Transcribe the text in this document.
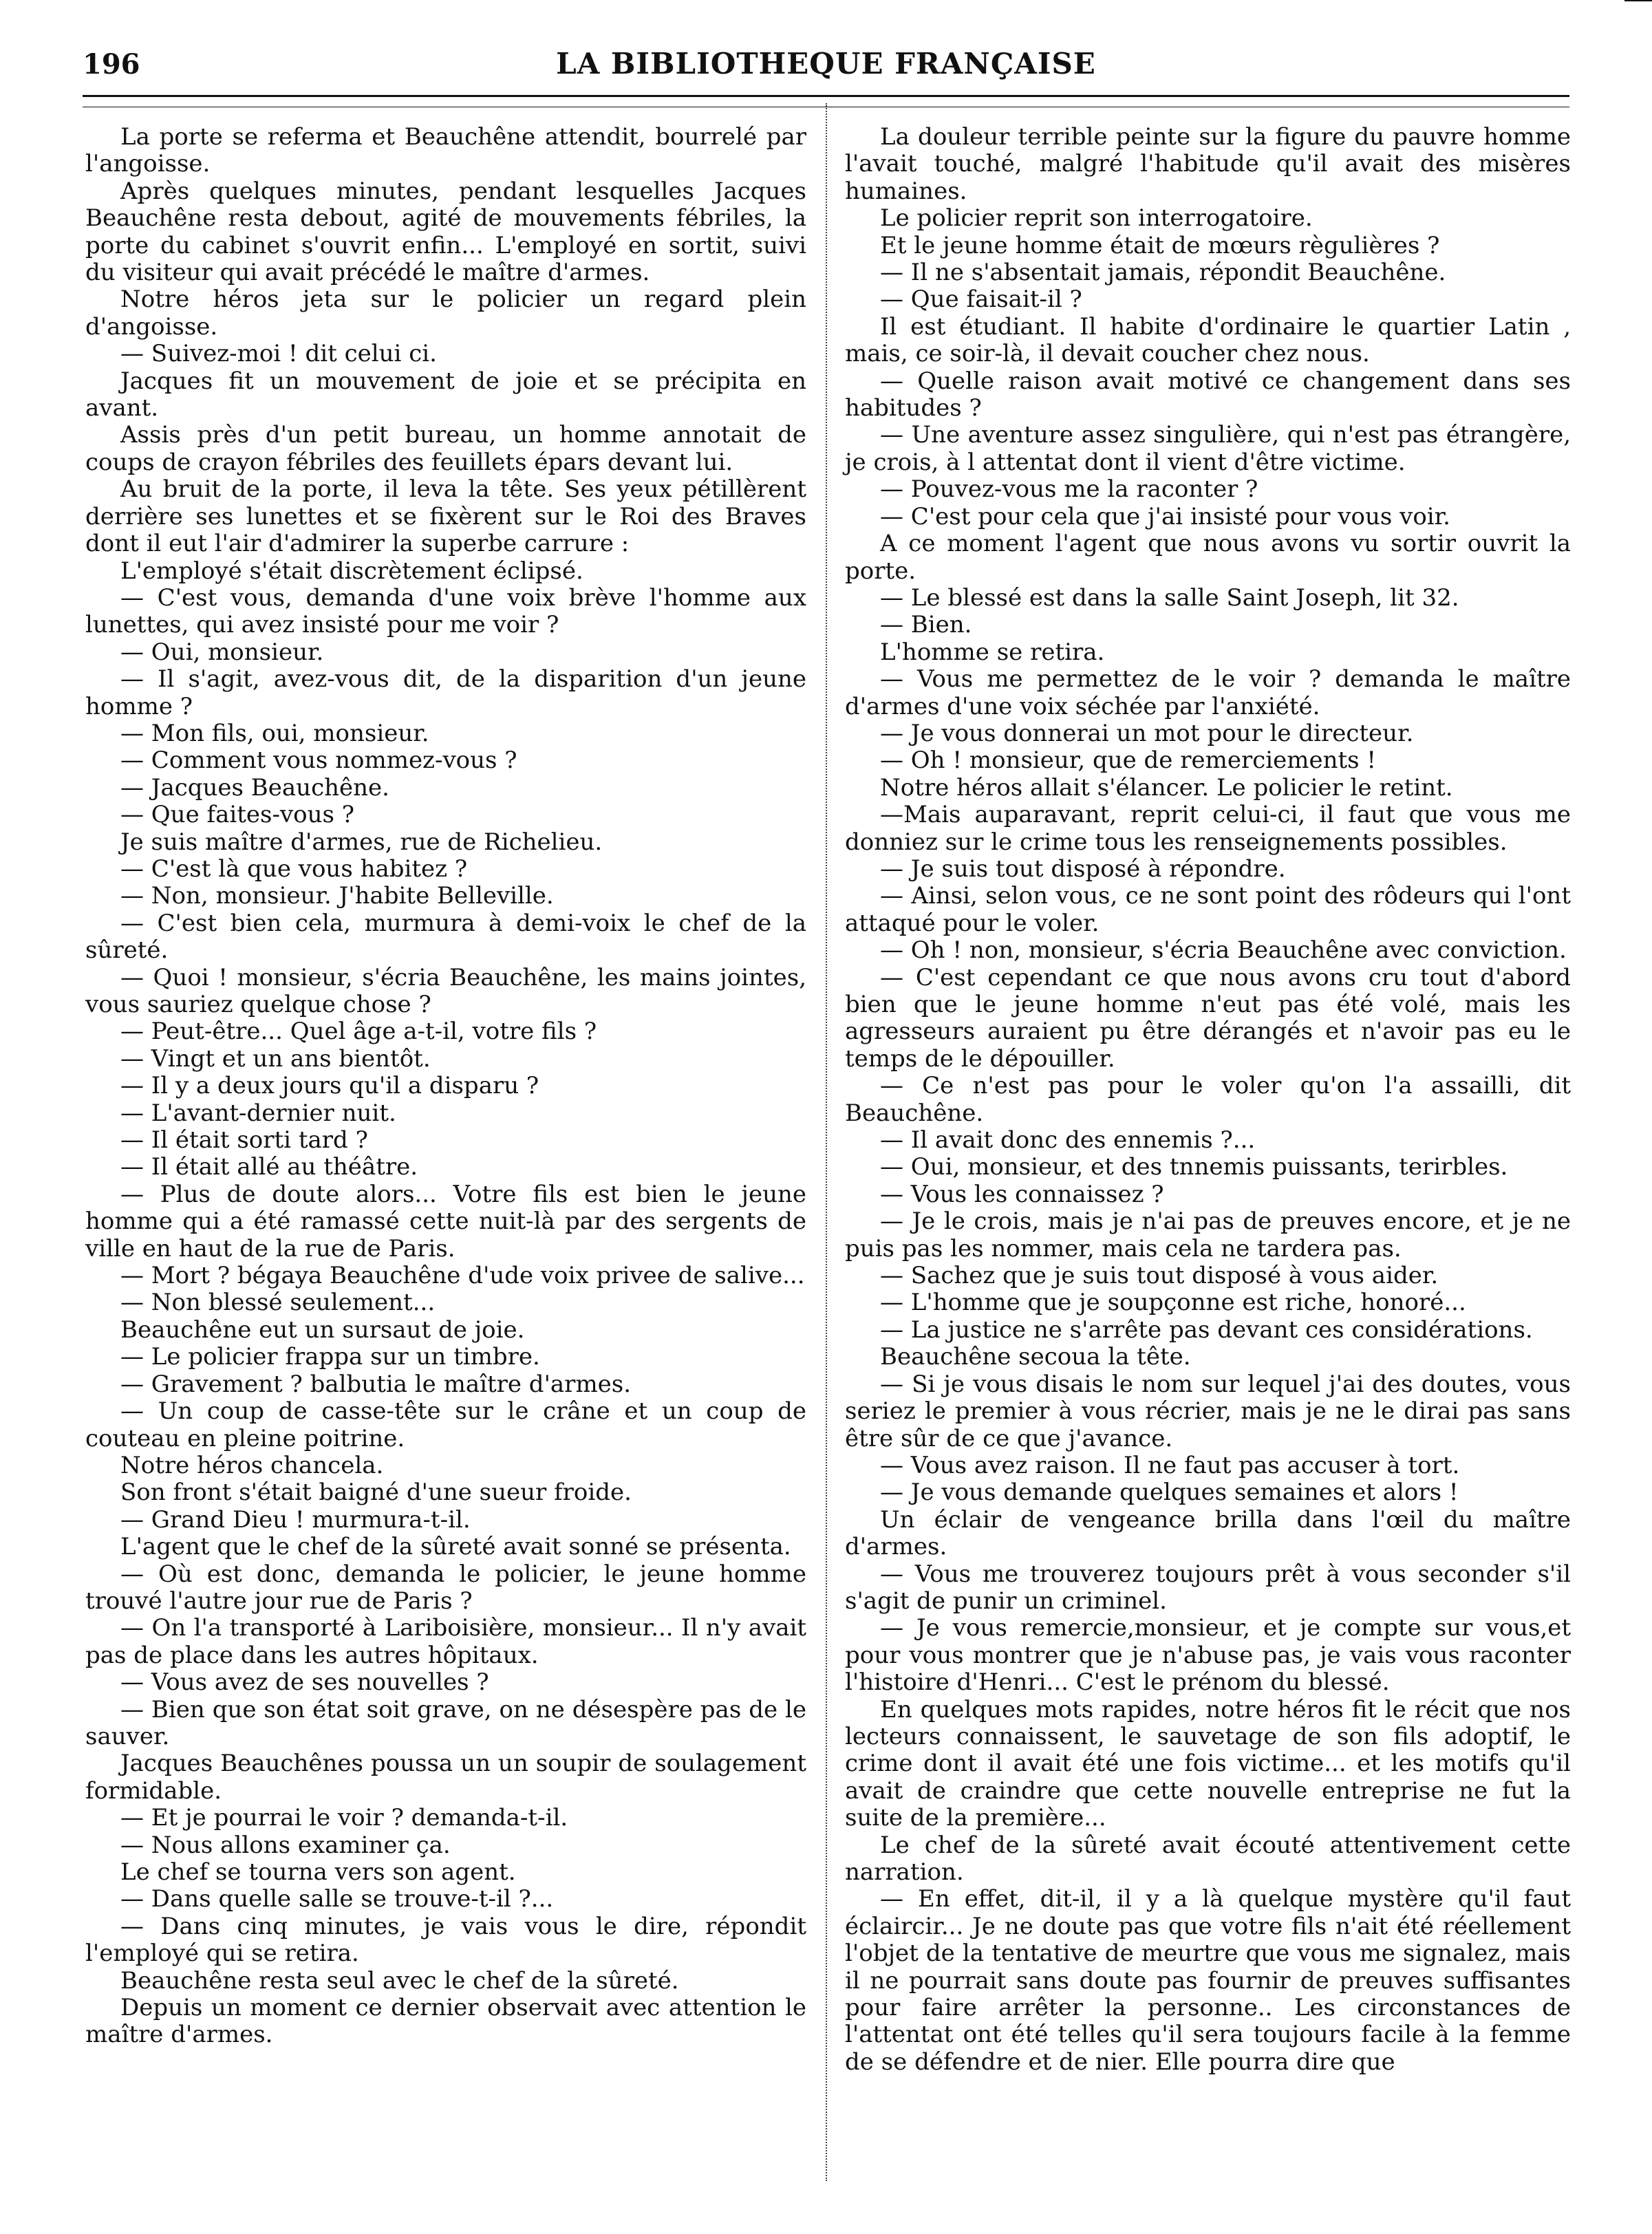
196	LA BIBLIOTHEQUE FRANÇAISE

La porte se referma et Beauchêne attendit, bourrelé par l'angoisse.

Après quelques minutes, pendant lesquelles Jacques Beauchêne resta debout, agité de mouvements fébriles, la porte du cabinet s'ouvrit enfin... L'employé en sortit, suivi du visiteur qui avait précédé le maître d'armes.

Notre héros jeta sur le policier un regard plein d'angoisse.

— Suivez-moi ! dit celui ci.

Jacques fit un mouvement de joie et se précipita en avant.

Assis près d'un petit bureau, un homme annotait de coups de crayon fébriles des feuillets épars devant lui.

Au bruit de la porte, il leva la tête. Ses yeux pétillèrent derrière ses lunettes et se fixèrent sur le Roi des Braves dont il eut l'air d'admirer la superbe carrure :

L'employé s'était discrètement éclipsé.

— C'est vous, demanda d'une voix brève l'homme aux lunettes, qui avez insisté pour me voir ?

— Oui, monsieur.

— Il s'agit, avez-vous dit, de la disparition d'un jeune homme ?

— Mon fils, oui, monsieur.

— Comment vous nommez-vous ?

— Jacques Beauchêne.

— Que faites-vous ?

Je suis maître d'armes, rue de Richelieu.

— C'est là que vous habitez ?

— Non, monsieur. J'habite Belleville.

— C'est bien cela, murmura à demi-voix le chef de la sûreté.

— Quoi ! monsieur, s'écria Beauchêne, les mains jointes, vous sauriez quelque chose ?

— Peut-être... Quel âge a-t-il, votre fils ?

— Vingt et un ans bientôt.

— Il y a deux jours qu'il a disparu ?

— L'avant-dernier nuit.

— Il était sorti tard ?

— Il était allé au théâtre.

— Plus de doute alors... Votre fils est bien le jeune homme qui a été ramassé cette nuit-là par des sergents de ville en haut de la rue de Paris.

— Mort ? bégaya Beauchêne d'ude voix privee de salive...

— Non blessé seulement...

Beauchêne eut un sursaut de joie.

— Le policier frappa sur un timbre.

— Gravement ? balbutia le maître d'armes.

— Un coup de casse-tête sur le crâne et un coup de couteau en pleine poitrine.

Notre héros chancela.

Son front s'était baigné d'une sueur froide.

— Grand Dieu ! murmura-t-il.

L'agent que le chef de la sûreté avait sonné se présenta.

— Où est donc, demanda le policier, le jeune homme trouvé l'autre jour rue de Paris ?

— On l'a transporté à Lariboisière, monsieur... Il n'y avait pas de place dans les autres hôpitaux.

— Vous avez de ses nouvelles ?

— Bien que son état soit grave, on ne désespère pas de le sauver.

Jacques Beauchênes poussa un un soupir de soulagement formidable.

— Et je pourrai le voir ? demanda-t-il.

— Nous allons examiner ça.

Le chef se tourna vers son agent.

— Dans quelle salle se trouve-t-il ?...

— Dans cinq minutes, je vais vous le dire, répondit l'employé qui se retira.

Beauchêne resta seul avec le chef de la sûreté.

Depuis un moment ce dernier observait avec attention le maître d'armes.

La douleur terrible peinte sur la figure du pauvre homme l'avait touché, malgré l'habitude qu'il avait des misères humaines.

Le policier reprit son interrogatoire.

Et le jeune homme était de mœurs règulières ?

— Il ne s'absentait jamais, répondit Beauchêne.

— Que faisait-il ?

Il est étudiant. Il habite d'ordinaire le quartier Latin , mais, ce soir-là, il devait coucher chez nous.

— Quelle raison avait motivé ce changement dans ses habitudes ?

— Une aventure assez singulière, qui n'est pas étrangère, je crois, à l attentat dont il vient d'être victime.

— Pouvez-vous me la raconter ?

— C'est pour cela que j'ai insisté pour vous voir.

A ce moment l'agent que nous avons vu sortir ouvrit la porte.

— Le blessé est dans la salle Saint Joseph, lit 32.

— Bien.

L'homme se retira.

— Vous me permettez de le voir ? demanda le maître d'armes d'une voix séchée par l'anxiété.

— Je vous donnerai un mot pour le directeur.

— Oh ! monsieur, que de remerciements !

Notre héros allait s'élancer. Le policier le retint.

—Mais auparavant, reprit celui-ci, il faut que vous me donniez sur le crime tous les renseignements possibles.

— Je suis tout disposé à répondre.

— Ainsi, selon vous, ce ne sont point des rôdeurs qui l'ont attaqué pour le voler.

— Oh ! non, monsieur, s'écria Beauchêne avec conviction.

— C'est cependant ce que nous avons cru tout d'abord bien que le jeune homme n'eut pas été volé, mais les agresseurs auraient pu être dérangés et n'avoir pas eu le temps de le dépouiller.

— Ce n'est pas pour le voler qu'on l'a assailli, dit Beauchêne.

— Il avait donc des ennemis ?...

— Oui, monsieur, et des tnnemis puissants, terirbles.

— Vous les connaissez ?

— Je le crois, mais je n'ai pas de preuves encore, et je ne puis pas les nommer, mais cela ne tardera pas.

— Sachez que je suis tout disposé à vous aider.

— L'homme que je soupçonne est riche, honoré...

— La justice ne s'arrête pas devant ces considérations.

Beauchêne secoua la tête.

— Si je vous disais le nom sur lequel j'ai des doutes, vous seriez le premier à vous récrier, mais je ne le dirai pas sans être sûr de ce que j'avance.

— Vous avez raison. Il ne faut pas accuser à tort.

— Je vous demande quelques semaines et alors !

Un éclair de vengeance brilla dans l'œil du maître d'armes.

— Vous me trouverez toujours prêt à vous seconder s'il s'agit de punir un criminel.

— Je vous remercie,monsieur, et je compte sur vous,et pour vous montrer que je n'abuse pas, je vais vous raconter l'histoire d'Henri... C'est le prénom du blessé.

En quelques mots rapides, notre héros fit le récit que nos lecteurs connaissent, le sauvetage de son fils adoptif, le crime dont il avait été une fois victime... et les motifs qu'il avait de craindre que cette nouvelle entreprise ne fut la suite de la première...

Le chef de la sûreté avait écouté attentivement cette narration.

— En effet, dit-il, il y a là quelque mystère qu'il faut éclaircir... Je ne doute pas que votre fils n'ait été réellement l'objet de la tentative de meurtre que vous me signalez, mais il ne pourrait sans doute pas fournir de preuves suffisantes pour faire arrêter la personne.. Les circonstances de l'attentat ont été telles qu'il sera toujours facile à la femme de se défendre et de nier. Elle pourra dire que
